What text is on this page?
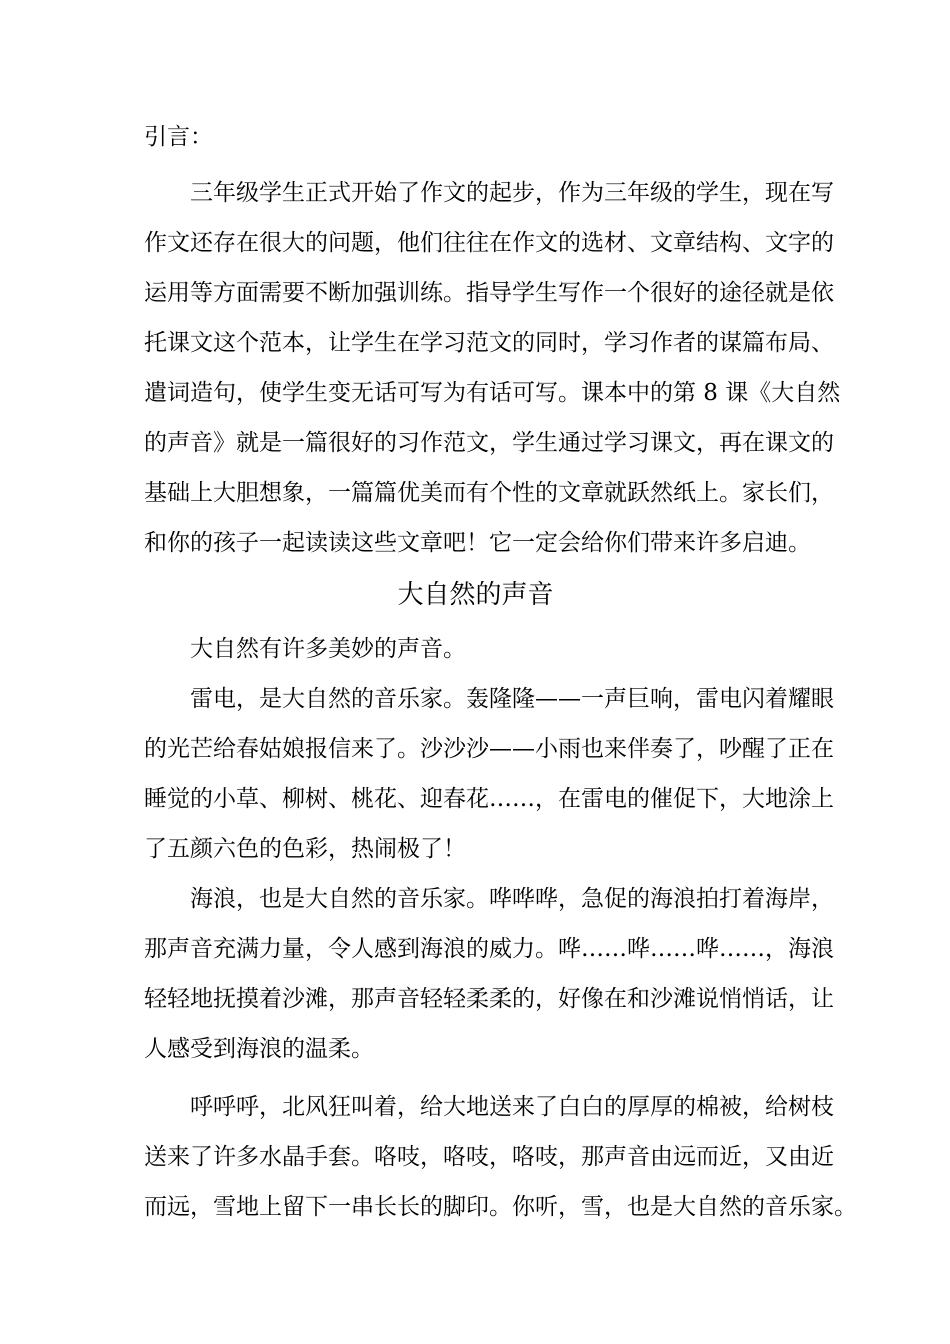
引言：
三年级学生正式开始了作文的起步，作为三年级的学生，现在写
作文还存在很大的问题，他们往往在作文的选材、文章结构、文字的
运用等方面需要不断加强训练。指导学生写作一个很好的途径就是依
托课文这个范本，让学生在学习范文的同时，学习作者的谋篇布局、
遣词造句，使学生变无话可写为有话可写。课本中的第 8 课《大自然
的声音》就是一篇很好的习作范文，学生通过学习课文，再在课文的
基础上大胆想象，一篇篇优美而有个性的文章就跃然纸上。家长们，
和你的孩子一起读读这些文章吧！它一定会给你们带来许多启迪。
大自然的声音
大自然有许多美妙的声音。
雷电，是大自然的音乐家。轰隆隆——一声巨响，雷电闪着耀眼
的光芒给春姑娘报信来了。沙沙沙——小雨也来伴奏了，吵醒了正在
睡觉的小草、柳树、桃花、迎春花……，在雷电的催促下，大地涂上
了五颜六色的色彩，热闹极了！
海浪，也是大自然的音乐家。哗哗哗，急促的海浪拍打着海岸，
那声音充满力量，令人感到海浪的威力。哗……哗……哗……，海浪
轻轻地抚摸着沙滩，那声音轻轻柔柔的，好像在和沙滩说悄悄话，让
人感受到海浪的温柔。
呼呼呼，北风狂叫着，给大地送来了白白的厚厚的棉被，给树枝
送来了许多水晶手套。咯吱，咯吱，咯吱，那声音由远而近，又由近
而远，雪地上留下一串长长的脚印。你听，雪，也是大自然的音乐家。
